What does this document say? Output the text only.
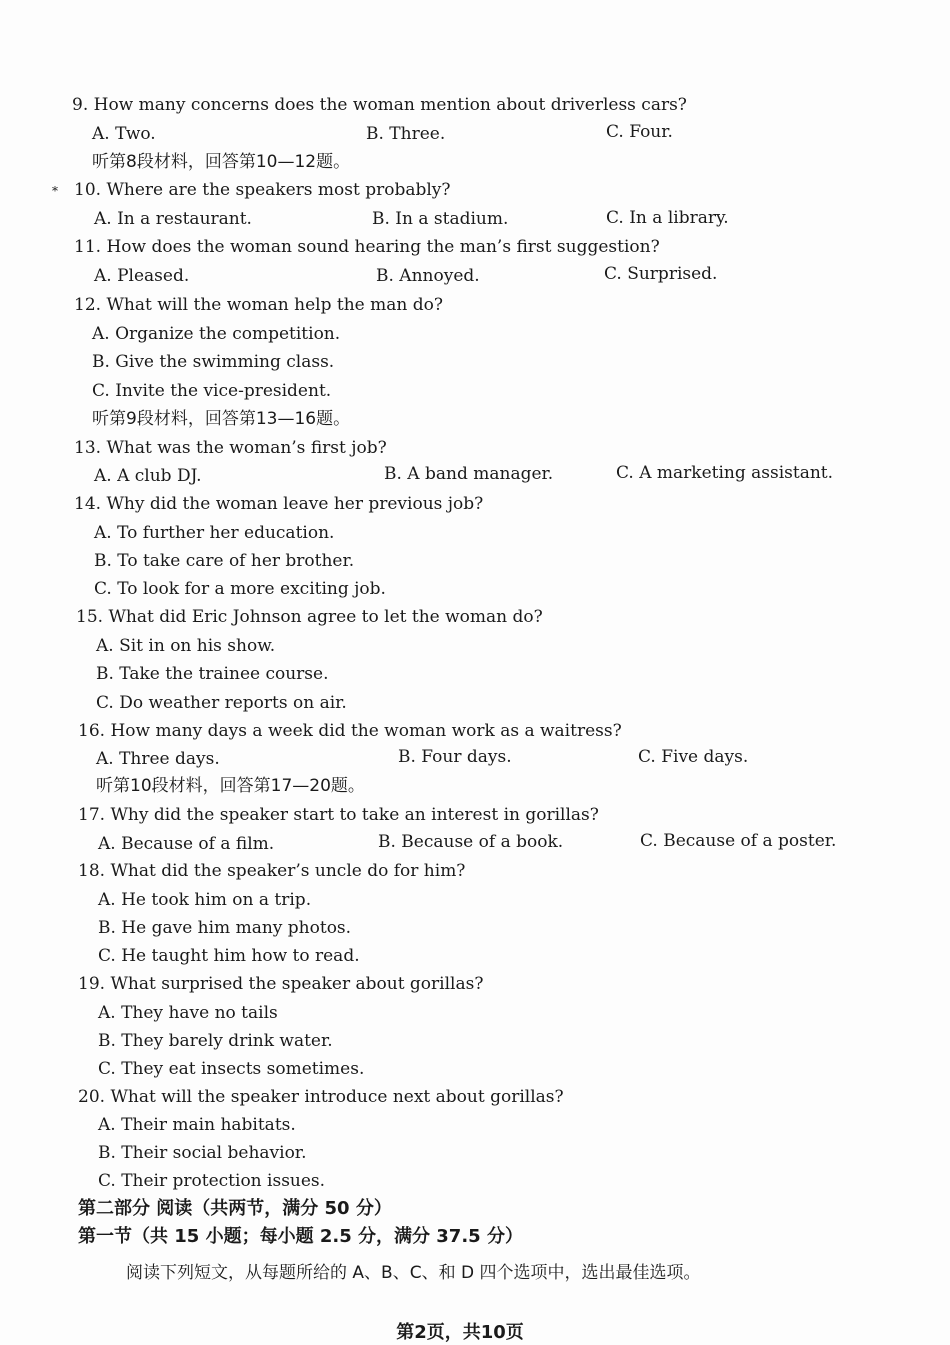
9. How many concerns does the woman mention about driverless cars?
A. Two.	B. Three.	C. Four.
听第8段材料，回答第10—12题。
* 10. Where are the speakers most probably?
A. In a restaurant.	B. In a stadium.	C. In a library.
11. How does the woman sound hearing the man’s first suggestion?
A. Pleased.	B. Annoyed.	C. Surprised.
12. What will the woman help the man do?
A. Organize the competition.
B. Give the swimming class.
C. Invite the vice-president.
听第9段材料，回答第13—16题。
13. What was the woman’s first job?
A. A club DJ.	B. A band manager.	C. A marketing assistant.
14. Why did the woman leave her previous job?
A. To further her education.
B. To take care of her brother.
C. To look for a more exciting job.
15. What did Eric Johnson agree to let the woman do?
A. Sit in on his show.
B. Take the trainee course.
C. Do weather reports on air.
16. How many days a week did the woman work as a waitress?
A. Three days.	B. Four days.	C. Five days.
听第10段材料，回答第17—20题。
17. Why did the speaker start to take an interest in gorillas?
A. Because of a film.	B. Because of a book.	C. Because of a poster.
18. What did the speaker’s uncle do for him?
A. He took him on a trip.
B. He gave him many photos.
C. He taught him how to read.
19. What surprised the speaker about gorillas?
A. They have no tails
B. They barely drink water.
C. They eat insects sometimes.
20. What will the speaker introduce next about gorillas?
A. Their main habitats.
B. Their social behavior.
C. Their protection issues.
第二部分 阅读（共两节，满分 50 分）
第一节（共 15 小题；每小题 2.5 分，满分 37.5 分）
阅读下列短文，从每题所给的 A、B、C、和 D 四个选项中，选出最佳选项。
第2页，共10页
